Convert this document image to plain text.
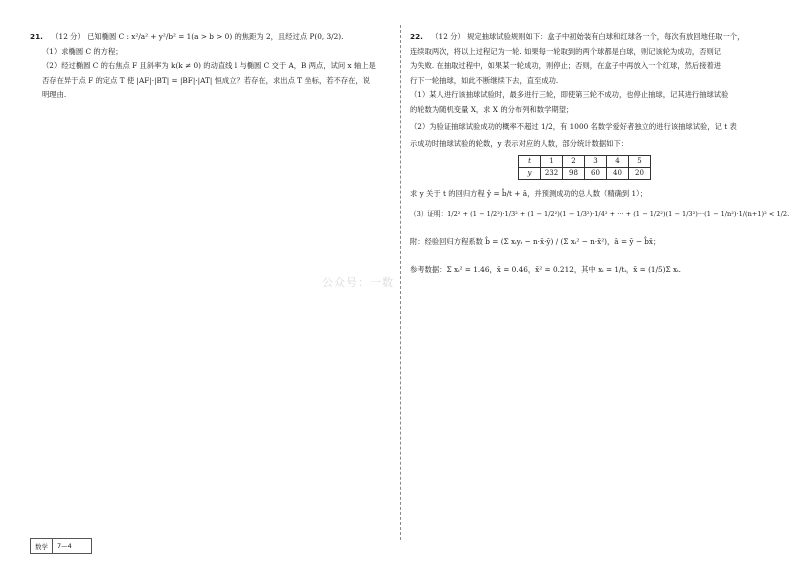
21. （12 分） 已知椭圆 C : x²/a² + y²/b² = 1(a > b > 0) 的焦距为 2，且经过点 P(0, 3/2).
（1）求椭圆 C 的方程；
（2）经过椭圆 C 的右焦点 F 且斜率为 k(k ≠ 0) 的动直线 l 与椭圆 C 交于 A，B 两点，试问 x 轴上是
否存在异于点 F 的定点 T 使 |AF|·|BT| = |BF|·|AT| 恒成立？若存在，求出点 T 坐标，若不存在，说
明理由.
22. （12 分） 规定抽球试验规则如下：盒子中初始装有白球和红球各一个，每次有放回地任取一个，
连续取两次，将以上过程记为一轮. 如果每一轮取到的两个球都是白球，则记该轮为成功，否则记
为失败. 在抽取过程中，如果某一轮成功，则停止；否则，在盒子中再放入一个红球，然后接着进
行下一轮抽球，如此不断继续下去，直至成功.
（1）某人进行该抽球试验时，最多进行三轮，即使第三轮不成功，也停止抽球，记其进行抽球试验
的轮数为随机变量 X，求 X 的分布列和数学期望；
（2）为验证抽球试验成功的概率不超过 1/2，有 1000 名数学爱好者独立的进行该抽球试验，记 t 表
示成功时抽球试验的轮数，y 表示对应的人数，部分统计数据如下：
t	1	2	3	4	5
y	232	98	60	40	20
求 y 关于 t 的回归方程 ŷ = b̂/t + â，并预测成功的总人数（精确到 1）；
（3）证明：1/2² + (1 − 1/2²)·1/3² + (1 − 1/2²)(1 − 1/3²)·1/4² + ··· + (1 − 1/2²)(1 − 1/3²)···(1 − 1/n²)·1/(n+1)² < 1/2.
附：经验回归方程系数 b̂ = (Σ xᵢyᵢ − n·x̄·ȳ) / (Σ xᵢ² − n·x̄²)，â = ȳ − b̂x̄；
参考数据：Σ xᵢ² = 1.46，x̄ = 0.46，x̄² = 0.212，其中 xᵢ = 1/tᵢ，x̄ = (1/5)Σ xᵢ.
公众号：一数
数学	7—4
